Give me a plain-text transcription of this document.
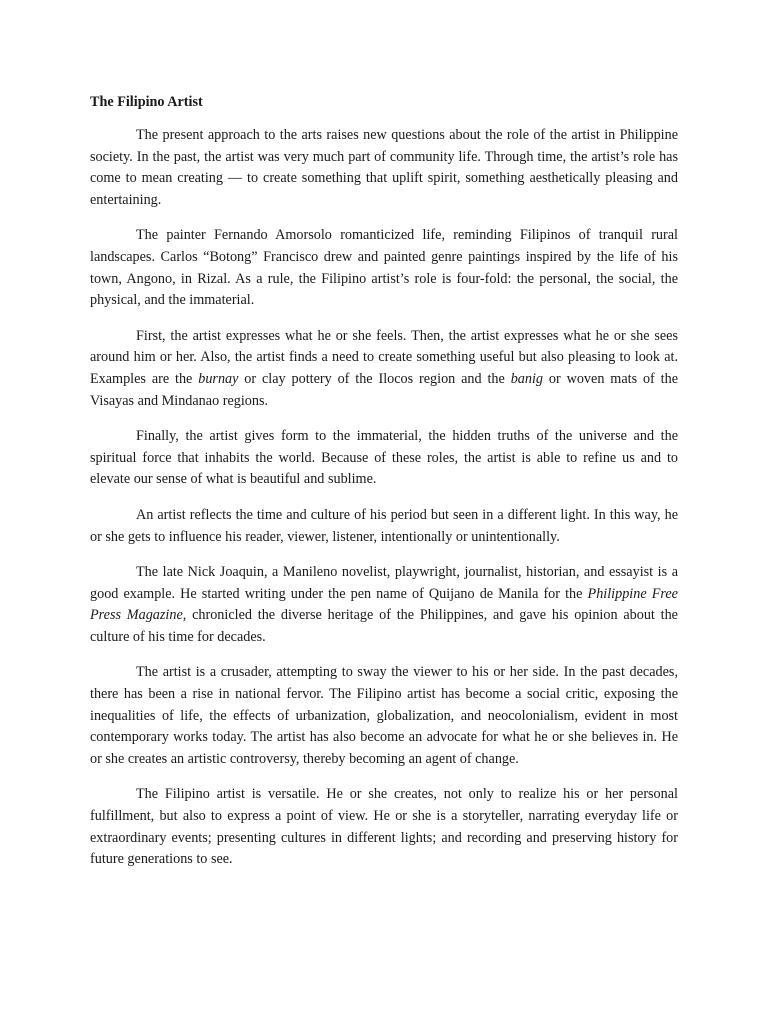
The Filipino Artist

The present approach to the arts raises new questions about the role of the artist in Philippine society. In the past, the artist was very much part of community life. Through time, the artist’s role has come to mean creating — to create something that uplift spirit, something aesthetically pleasing and entertaining.

The painter Fernando Amorsolo romanticized life, reminding Filipinos of tranquil rural landscapes. Carlos “Botong” Francisco drew and painted genre paintings inspired by the life of his town, Angono, in Rizal. As a rule, the Filipino artist’s role is four-fold: the personal, the social, the physical, and the immaterial.

First, the artist expresses what he or she feels. Then, the artist expresses what he or she sees around him or her. Also, the artist finds a need to create something useful but also pleasing to look at. Examples are the burnay or clay pottery of the Ilocos region and the banig or woven mats of the Visayas and Mindanao regions.

Finally, the artist gives form to the immaterial, the hidden truths of the universe and the spiritual force that inhabits the world. Because of these roles, the artist is able to refine us and to elevate our sense of what is beautiful and sublime.

An artist reflects the time and culture of his period but seen in a different light. In this way, he or she gets to influence his reader, viewer, listener, intentionally or unintentionally.

The late Nick Joaquin, a Manileno novelist, playwright, journalist, historian, and essayist is a good example. He started writing under the pen name of Quijano de Manila for the Philippine Free Press Magazine, chronicled the diverse heritage of the Philippines, and gave his opinion about the culture of his time for decades.

The artist is a crusader, attempting to sway the viewer to his or her side. In the past decades, there has been a rise in national fervor. The Filipino artist has become a social critic, exposing the inequalities of life, the effects of urbanization, globalization, and neocolonialism, evident in most contemporary works today. The artist has also become an advocate for what he or she believes in. He or she creates an artistic controversy, thereby becoming an agent of change.

The Filipino artist is versatile. He or she creates, not only to realize his or her personal fulfillment, but also to express a point of view. He or she is a storyteller, narrating everyday life or extraordinary events; presenting cultures in different lights; and recording and preserving history for future generations to see.
